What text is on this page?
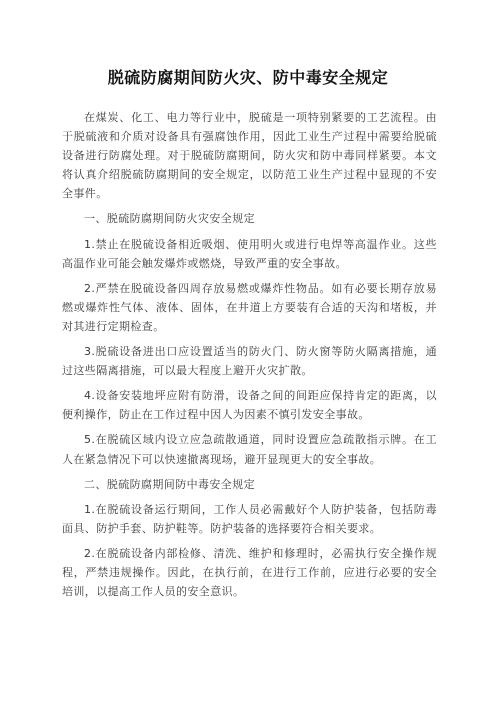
脱硫防腐期间防火灾、防中毒安全规定

在煤炭、化工、电力等行业中，脱硫是一项特别紧要的工艺流程。由于脱硫液和介质对设备具有强腐蚀作用，因此工业生产过程中需要给脱硫设备进行防腐处理。对于脱硫防腐期间，防火灾和防中毒同样紧要。本文将认真介绍脱硫防腐期间的安全规定，以防范工业生产过程中显现的不安全事件。

一、脱硫防腐期间防火灾安全规定

1.禁止在脱硫设备相近吸烟、使用明火或进行电焊等高温作业。这些高温作业可能会触发爆炸或燃烧，导致严重的安全事故。

2.严禁在脱硫设备四周存放易燃或爆炸性物品。如有必要长期存放易燃或爆炸性气体、液体、固体，在井道上方要装有合适的天沟和堵板，并对其进行定期检查。

3.脱硫设备进出口应设置适当的防火门、防火窗等防火隔离措施，通过这些隔离措施，可以最大程度上避开火灾扩散。

4.设备安装地坪应附有防滑，设备之间的间距应保持肯定的距离，以便利操作，防止在工作过程中因人为因素不慎引发安全事故。

5.在脱硫区域内设立应急疏散通道，同时设置应急疏散指示牌。在工人在紧急情况下可以快速撤离现场，避开显现更大的安全事故。

二、脱硫防腐期间防中毒安全规定

1.在脱硫设备运行期间，工作人员必需戴好个人防护装备，包括防毒面具、防护手套、防护鞋等。防护装备的选择要符合相关要求。

2.在脱硫设备内部检修、清洗、维护和修理时，必需执行安全操作规程，严禁违规操作。因此，在执行前，在进行工作前，应进行必要的安全培训，以提高工作人员的安全意识。
